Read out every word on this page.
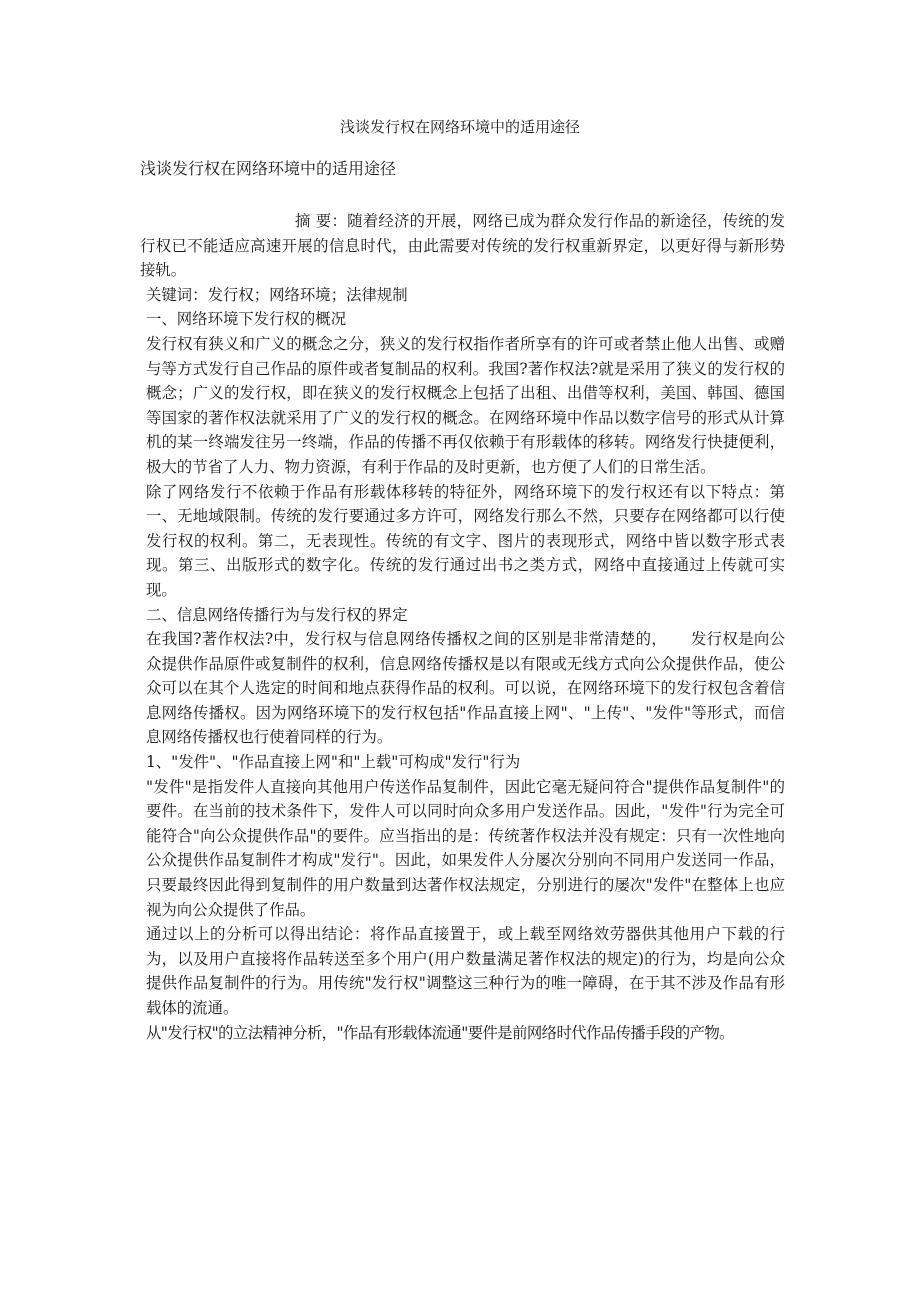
浅谈发行权在网络环境中的适用途径
浅谈发行权在网络环境中的适用途径

摘 要：随着经济的开展，网络已成为群众发行作品的新途径，传统的发行权已不能适应高速开展的信息时代，由此需要对传统的发行权重新界定，以更好得与新形势接轨。

关键词：发行权；网络环境；法律规制

一、网络环境下发行权的概况

发行权有狭义和广义的概念之分，狭义的发行权指作者所享有的许可或者禁止他人出售、或赠与等方式发行自己作品的原件或者复制品的权利。我国?著作权法?就是采用了狭义的发行权的概念；广义的发行权，即在狭义的发行权概念上包括了出租、出借等权利，美国、韩国、德国等国家的著作权法就采用了广义的发行权的概念。在网络环境中作品以数字信号的形式从计算机的某一终端发往另一终端，作品的传播不再仅依赖于有形载体的移转。网络发行快捷便利，极大的节省了人力、物力资源，有利于作品的及时更新，也方便了人们的日常生活。

除了网络发行不依赖于作品有形载体移转的特征外，网络环境下的发行权还有以下特点：第一、无地域限制。传统的发行要通过多方许可，网络发行那么不然，只要存在网络都可以行使发行权的权利。第二，无表现性。传统的有文字、图片的表现形式，网络中皆以数字形式表现。第三、出版形式的数字化。传统的发行通过出书之类方式，网络中直接通过上传就可实现。

二、信息网络传播行为与发行权的界定

在我国?著作权法?中，发行权与信息网络传播权之间的区别是非常清楚的，　　发行权是向公众提供作品原件或复制件的权利，信息网络传播权是以有限或无线方式向公众提供作品，使公众可以在其个人选定的时间和地点获得作品的权利。可以说，在网络环境下的发行权包含着信息网络传播权。因为网络环境下的发行权包括"作品直接上网"、"上传"、"发件"等形式，而信息网络传播权也行使着同样的行为。

1、"发件"、"作品直接上网"和"上载"可构成"发行"行为

"发件"是指发件人直接向其他用户传送作品复制件，因此它毫无疑问符合"提供作品复制件"的要件。在当前的技术条件下，发件人可以同时向众多用户发送作品。因此，"发件"行为完全可能符合"向公众提供作品"的要件。应当指出的是：传统著作权法并没有规定：只有一次性地向公众提供作品复制件才构成"发行"。因此，如果发件人分屡次分别向不同用户发送同一作品，只要最终因此得到复制件的用户数量到达著作权法规定，分别进行的屡次"发件"在整体上也应视为向公众提供了作品。

通过以上的分析可以得出结论：将作品直接置于，或上载至网络效劳器供其他用户下载的行为，以及用户直接将作品转送至多个用户(用户数量满足著作权法的规定)的行为，均是向公众提供作品复制件的行为。用传统"发行权"调整这三种行为的唯一障碍，在于其不涉及作品有形载体的流通。

从"发行权"的立法精神分析，"作品有形载体流通"要件是前网络时代作品传播手段的产物。
